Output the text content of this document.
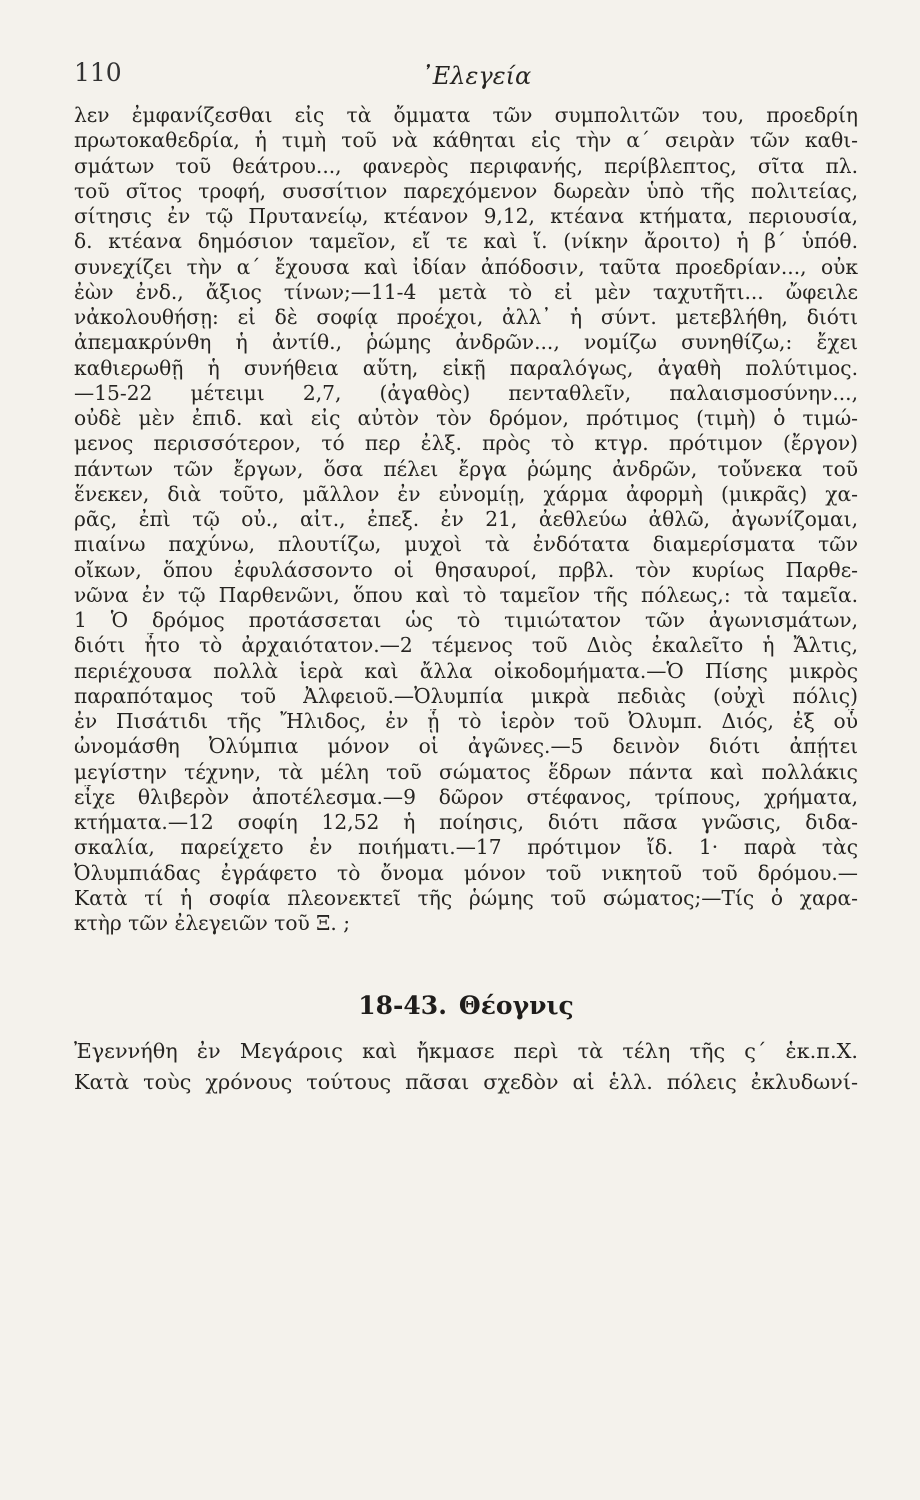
110	᾿Ελεγεία
λεν ἐμφανίζεσθαι εἰς τὰ ὄμματα τῶν συμπολιτῶν του, προεδρίη
πρωτοκαθεδρία, ἡ τιμὴ τοῦ νὰ κάθηται εἰς τὴν α΄ σειρὰν τῶν καθι-
σμάτων τοῦ θεάτρου..., φανερὸς περιφανής, περίβλεπτος, σῖτα πλ.
τοῦ σῖτος τροφή, συσσίτιον παρεχόμενον δωρεὰν ὑπὸ τῆς πολιτείας,
σίτησις ἐν τῷ Πρυτανείῳ, κτέανον 9,12, κτέανα κτήματα, περιουσία,
δ. κτέανα δημόσιον ταμεῖον, εἴ τε καὶ ἵ. (νίκην ἄροιτο) ἡ β΄ ὑπόθ.
συνεχίζει τὴν α΄ ἔχουσα καὶ ἰδίαν ἀπόδοσιν, ταῦτα προεδρίαν..., οὐκ
ἐὼν ἐνδ., ἄξιος τίνων;—11-4 μετὰ τὸ εἰ μὲν ταχυτῆτι... ὤφειλε
νἀκολουθήσῃ: εἰ δὲ σοφίᾳ προέχοι, ἀλλ᾿ ἡ σύντ. μετεβλήθη, διότι
ἀπεμακρύνθη ἡ ἀντίθ., ῥώμης ἀνδρῶν..., νομίζω συνηθίζω,: ἔχει
καθιερωθῇ ἡ συνήθεια αὕτη, εἰκῇ παραλόγως, ἀγαθὴ πολύτιμος.
—15-22 μέτειμι 2,7, (ἀγαθὸς) πενταθλεῖν, παλαισμοσύνην...,
οὐδὲ μὲν ἐπιδ. καὶ εἰς αὐτὸν τὸν δρόμον, πρότιμος (τιμὴ) ὁ τιμώ-
μενος περισσότερον, τό περ ἐλξ. πρὸς τὸ κτγρ. πρότιμον (ἔργον)
πάντων τῶν ἔργων, ὅσα πέλει ἔργα ῥώμης ἀνδρῶν, τοὔνεκα τοῦ
ἕνεκεν, διὰ τοῦτο, μᾶλλον ἐν εὐνομίῃ, χάρμα ἀφορμὴ (μικρᾶς) χα-
ρᾶς, ἐπὶ τῷ οὐ., αἰτ., ἐπεξ. ἐν 21, ἀεθλεύω ἀθλῶ, ἀγωνίζομαι,
πιαίνω παχύνω, πλουτίζω, μυχοὶ τὰ ἐνδότατα διαμερίσματα τῶν
οἴκων, ὅπου ἐφυλάσσοντο οἱ θησαυροί, πρβλ. τὸν κυρίως Παρθε-
νῶνα ἐν τῷ Παρθενῶνι, ὅπου καὶ τὸ ταμεῖον τῆς πόλεως,: τὰ ταμεῖα.
1 Ὁ δρόμος προτάσσεται ὡς τὸ τιμιώτατον τῶν ἀγωνισμάτων,
διότι ἦτο τὸ ἀρχαιότατον.—2 τέμενος τοῦ Διὸς ἐκαλεῖτο ἡ Ἄλτις,
περιέχουσα πολλὰ ἱερὰ καὶ ἄλλα οἰκοδομήματα.—Ὁ Πίσης μικρὸς
παραπόταμος τοῦ Ἀλφειοῦ.—Ὀλυμπία μικρὰ πεδιὰς (οὐχὶ πόλις)
ἐν Πισάτιδι τῆς Ἤλιδος, ἐν ᾗ τὸ ἱερὸν τοῦ Ὀλυμπ. Διός, ἐξ οὗ
ὠνομάσθη Ὀλύμπια μόνον οἱ ἀγῶνες.—5 δεινὸν διότι ἀπῄτει
μεγίστην τέχνην, τὰ μέλη τοῦ σώματος ἕδρων πάντα καὶ πολλάκις
εἶχε θλιβερὸν ἀποτέλεσμα.—9 δῶρον στέφανος, τρίπους, χρήματα,
κτήματα.—12 σοφίη 12,52 ἡ ποίησις, διότι πᾶσα γνῶσις, διδα-
σκαλία, παρείχετο ἐν ποιήματι.—17 πρότιμον ἴδ. 1· παρὰ τὰς
Ὀλυμπιάδας ἐγράφετο τὸ ὄνομα μόνον τοῦ νικητοῦ τοῦ δρόμου.—
Κατὰ τί ἡ σοφία πλεονεκτεῖ τῆς ῥώμης τοῦ σώματος;—Τίς ὁ χαρα-
κτὴρ τῶν ἐλεγειῶν τοῦ Ξ. ;
18-43. Θέογνις
Ἐγεννήθη ἐν Μεγάροις καὶ ἤκμασε περὶ τὰ τέλη τῆς ς΄ ἑκ.π.Χ.
Κατὰ τοὺς χρόνους τούτους πᾶσαι σχεδὸν αἱ ἑλλ. πόλεις ἐκλυδωνί-
